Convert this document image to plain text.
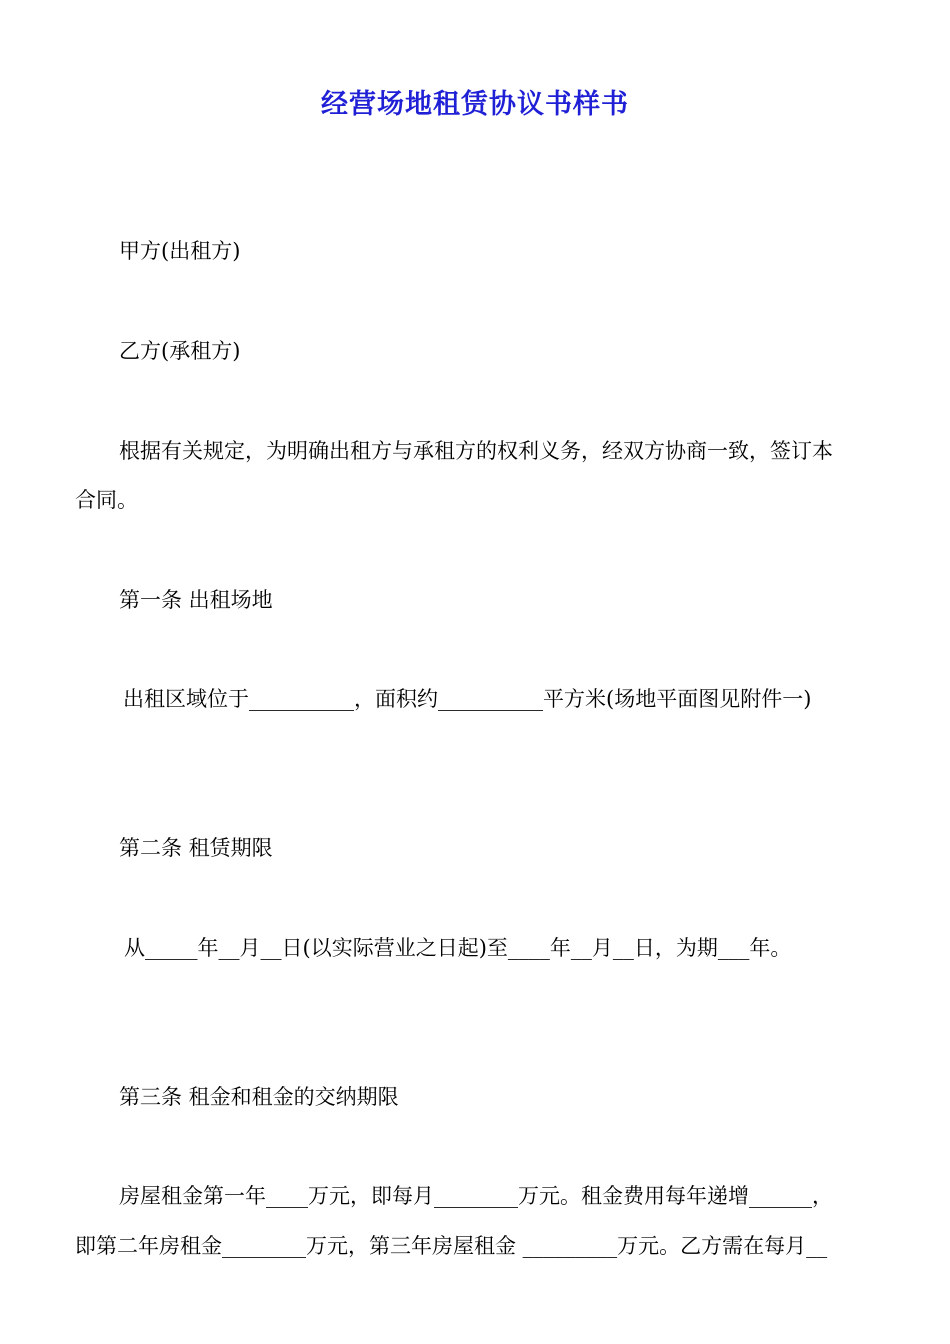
经营场地租赁协议书样书
甲方(出租方)
乙方(承租方)
根据有关规定，为明确出租方与承租方的权利义务，经双方协商一致，签订本
合同。
第一条 出租场地
出租区域位于__________，面积约__________平方米(场地平面图见附件一)
第二条 租赁期限
从_____年__月__日(以实际营业之日起)至____年__月__日，为期___年。
第三条 租金和租金的交纳期限
房屋租金第一年____万元，即每月________万元。租金费用每年递增______，
即第二年房租金________万元，第三年房屋租金 _________万元。乙方需在每月__
